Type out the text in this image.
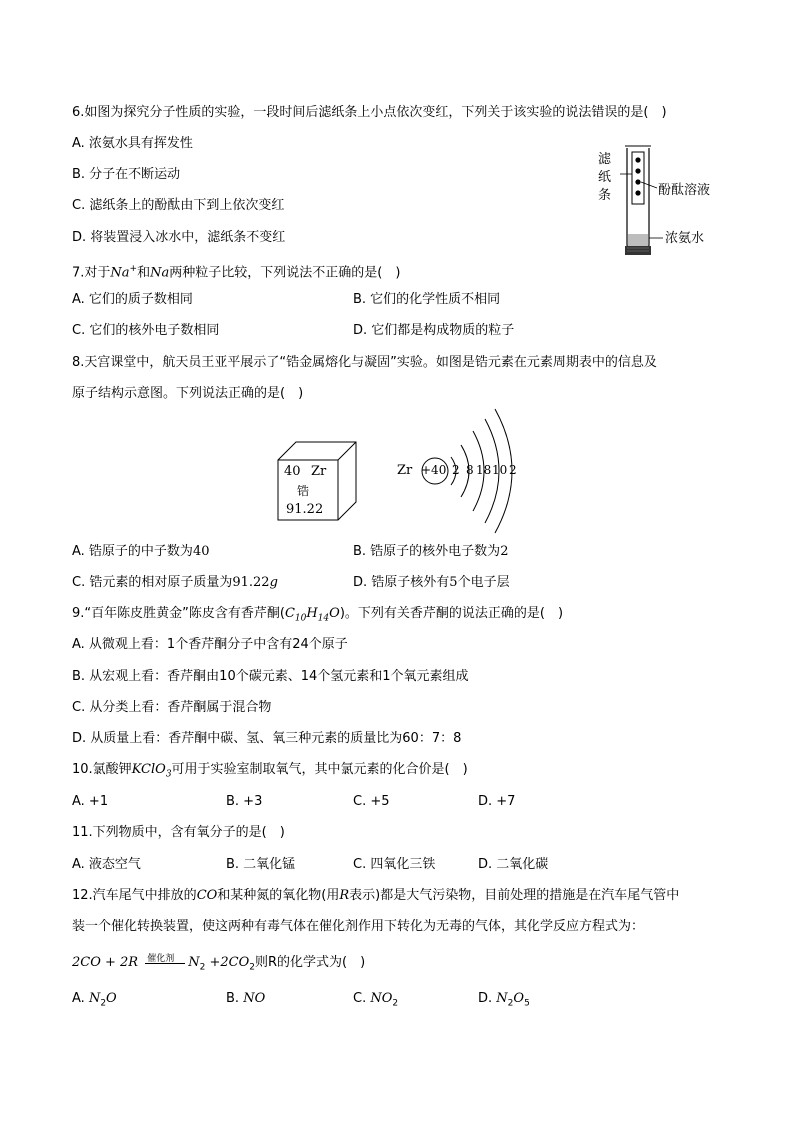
6.如图为探究分子性质的实验，一段时间后滤纸条上小点依次变红，下列关于该实验的说法错误的是(　)
A. 浓氨水具有挥发性
B. 分子在不断运动
C. 滤纸条上的酚酞由下到上依次变红
D. 将装置浸入冰水中，滤纸条不变红
滤
纸
条	酚酞溶液
浓氨水
7.对于Na+和Na两种粒子比较，下列说法不正确的是(　)
A. 它们的质子数相同	B. 它们的化学性质不相同
C. 它们的核外电子数相同	D. 它们都是构成物质的粒子
8.天宫课堂中，航天员王亚平展示了“锆金属熔化与凝固”实验。如图是锆元素在元素周期表中的信息及
原子结构示意图。下列说法正确的是(　)
40 Zr
锆
91.22
Zr +40 2 8 18 10 2
A. 锆原子的中子数为40	B. 锆原子的核外电子数为2
C. 锆元素的相对原子质量为91.22g	D. 锆原子核外有5个电子层
9.“百年陈皮胜黄金”陈皮含有香芹酮$(C_{10}H_{14}O)$。下列有关香芹酮的说法正确的是(　)
A. 从微观上看：1个香芹酮分子中含有24个原子
B. 从宏观上看：香芹酮由10个碳元素、14个氢元素和1个氧元素组成
C. 从分类上看：香芹酮属于混合物
D. 从质量上看：香芹酮中碳、氢、氧三种元素的质量比为60：7：8
10.氯酸钾KClO$_3$可用于实验室制取氧气，其中氯元素的化合价是(　)
A. +1	B. +3	C. +5	D. +7
11.下列物质中，含有氧分子的是(　)
A. 液态空气	B. 二氧化锰	C. 四氧化三铁	D. 二氧化碳
12.汽车尾气中排放的CO和某种氮的氧化物(用R表示)都是大气污染物，目前处理的措施是在汽车尾气管中
装一个催化转换装置，使这两种有毒气体在催化剂作用下转化为无毒的气体，其化学反应方程式为：
2CO + 2R 催化剂 $N_2 +2CO_2$则R的化学式为(　)
A. $N_2O$	B. NO	C. $NO_2$	D. $N_2O_5$
